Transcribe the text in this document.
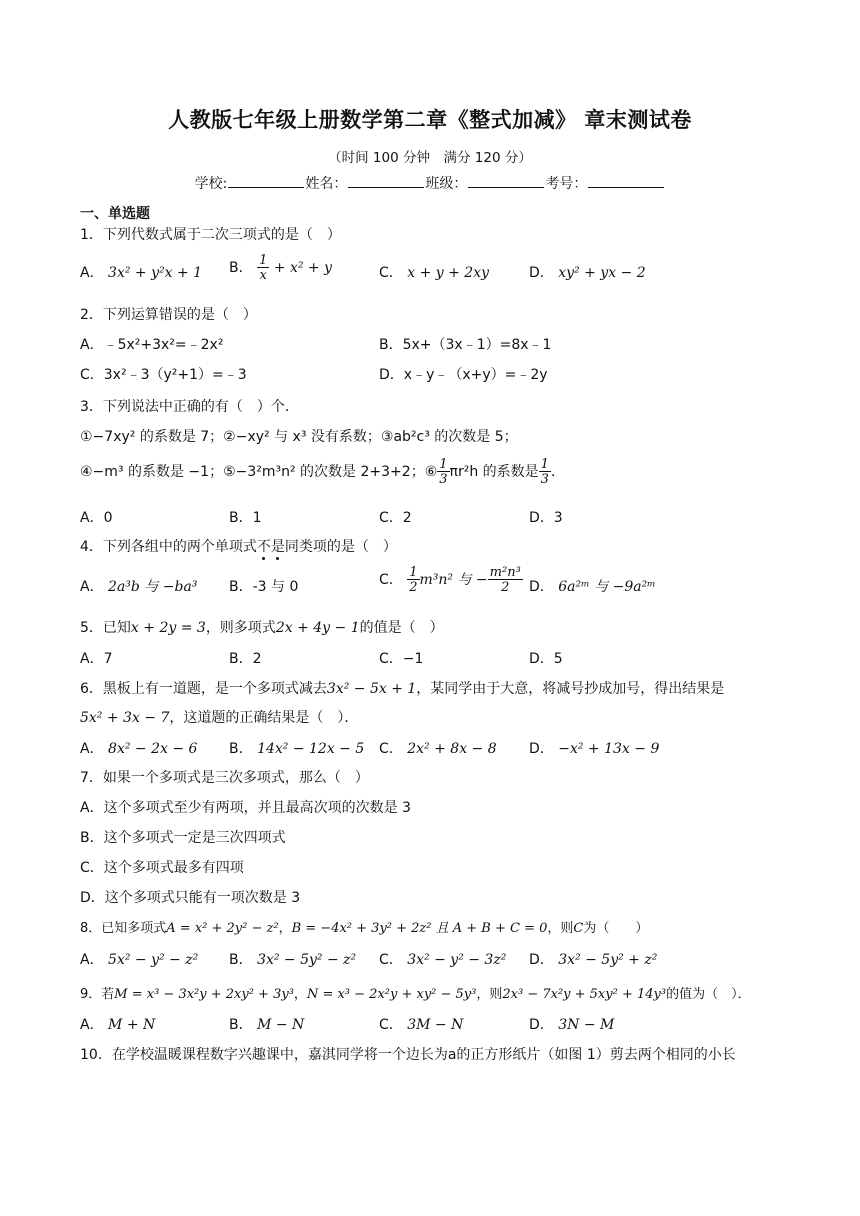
人教版七年级上册数学第二章《整式加减》 章末测试卷
（时间 100 分钟　满分 120 分）
学校:	姓名：	班级：	考号：
一、单选题
1．下列代数式属于二次三项式的是（　）
A． 3x² + y²x + 1 B． $\frac{1}{x} + x^2 + y$	C． x + y + 2xy	D． xy² + yx − 2
2．下列运算错误的是（　）
A．﹣5x²+3x²=﹣2x²	B．5x+（3x﹣1）=8x﹣1
C．3x²﹣3（y²+1）=﹣3	D．x﹣y﹣（x+y）=﹣2y
3．下列说法中正确的有（　）个．
①−7xy² 的系数是 7；②−xy² 与 x³ 没有系数；③ab²c³ 的次数是 5；
④−m³ 的系数是 −1；⑤−3²m³n² 的次数是 2+3+2；⑥ $\frac{1}{3} \pi r^2h$ 的系数是 $\frac{1}{3}$ ．
A．0	B．1	C．2	D．3
4．下列各组中的两个单项式不是同类项的是（　）
A． 2a³b 与 −ba³ B．-3 与 0	C． $\frac{1}{2} m^3n^2$ 与 − $\frac{\text{m²n³}}{2}$ D． 6a²ᵐ 与 −9a²ᵐ
5．已知x + 2y = 3，则多项式2x + 4y − 1的值是（　）
A．7	B．2	C．−1	D．5
6．黑板上有一道题，是一个多项式减去3x² − 5x + 1，某同学由于大意，将减号抄成加号，得出结果是
5x² + 3x − 7，这道题的正确结果是（　）．
A． 8x² − 2x − 6 B． 14x² − 12x − 5 C． 2x² + 8x − 8 D． −x² + 13x − 9
7．如果一个多项式是三次多项式，那么（　）
A．这个多项式至少有两项，并且最高次项的次数是 3
B．这个多项式一定是三次四项式
C．这个多项式最多有四项
D．这个多项式只能有一项次数是 3
8．已知多项式A = x² + 2y² − z²，B = −4x² + 3y² + 2z² 且 A + B + C = 0，则C为（　　）
A． 5x² − y² − z² B． 3x² − 5y² − z² C． 3x² − y² − 3z² D． 3x² − 5y² + z²
9．若M = x³ − 3x²y + 2xy² + 3y³，N = x³ − 2x²y + xy² − 5y³，则2x³ − 7x²y + 5xy² + 14y³的值为（　）．
A． M + N	B． M − N	C． 3M − N	D． 3N − M
10．在学校温暖课程数字兴趣课中，嘉淇同学将一个边长为a的正方形纸片（如图 1）剪去两个相同的小长
